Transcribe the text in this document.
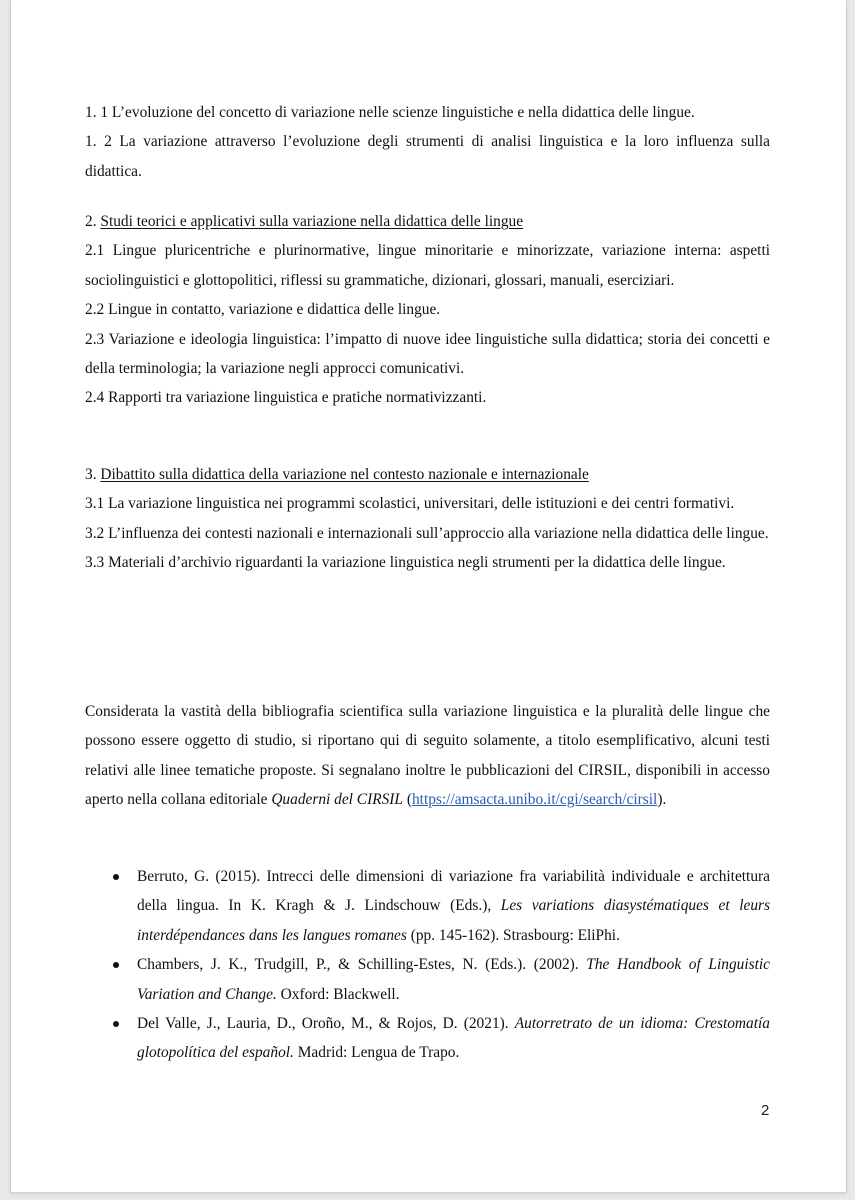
1. 1 L’evoluzione del concetto di variazione nelle scienze linguistiche e nella didattica delle lingue.

1. 2 La variazione attraverso l’evoluzione degli strumenti di analisi linguistica e la loro influenza sulla didattica.

2. Studi teorici e applicativi sulla variazione nella didattica delle lingue

2.1 Lingue pluricentriche e plurinormative, lingue minoritarie e minorizzate, variazione interna: aspetti sociolinguistici e glottopolitici, riflessi su grammatiche, dizionari, glossari, manuali, eserciziari.

2.2 Lingue in contatto, variazione e didattica delle lingue.

2.3 Variazione e ideologia linguistica: l’impatto di nuove idee linguistiche sulla didattica; storia dei concetti e della terminologia; la variazione negli approcci comunicativi.

2.4 Rapporti tra variazione linguistica e pratiche normativizzanti.

3. Dibattito sulla didattica della variazione nel contesto nazionale e internazionale

3.1 La variazione linguistica nei programmi scolastici, universitari, delle istituzioni e dei centri formativi.

3.2 L’influenza dei contesti nazionali e internazionali sull’approccio alla variazione nella didattica delle lingue.

3.3 Materiali d’archivio riguardanti la variazione linguistica negli strumenti per la didattica delle lingue.

Considerata la vastità della bibliografia scientifica sulla variazione linguistica e la pluralità delle lingue che possono essere oggetto di studio, si riportano qui di seguito solamente, a titolo esemplificativo, alcuni testi relativi alle linee tematiche proposte. Si segnalano inoltre le pubblicazioni del CIRSIL, disponibili in accesso aperto nella collana editoriale Quaderni del CIRSIL (https://amsacta.unibo.it/cgi/search/cirsil).

Berruto, G. (2015). Intrecci delle dimensioni di variazione fra variabilità individuale e architettura della lingua. In K. Kragh & J. Lindschouw (Eds.), Les variations diasystématiques et leurs interdépendances dans les langues romanes (pp. 145-162). Strasbourg: EliPhi.
Chambers, J. K., Trudgill, P., & Schilling-Estes, N. (Eds.). (2002). The Handbook of Linguistic Variation and Change. Oxford: Blackwell.
Del Valle, J., Lauria, D., Oroño, M., & Rojos, D. (2021). Autorretrato de un idioma: Crestomatía glotopolítica del español. Madrid: Lengua de Trapo.
2
